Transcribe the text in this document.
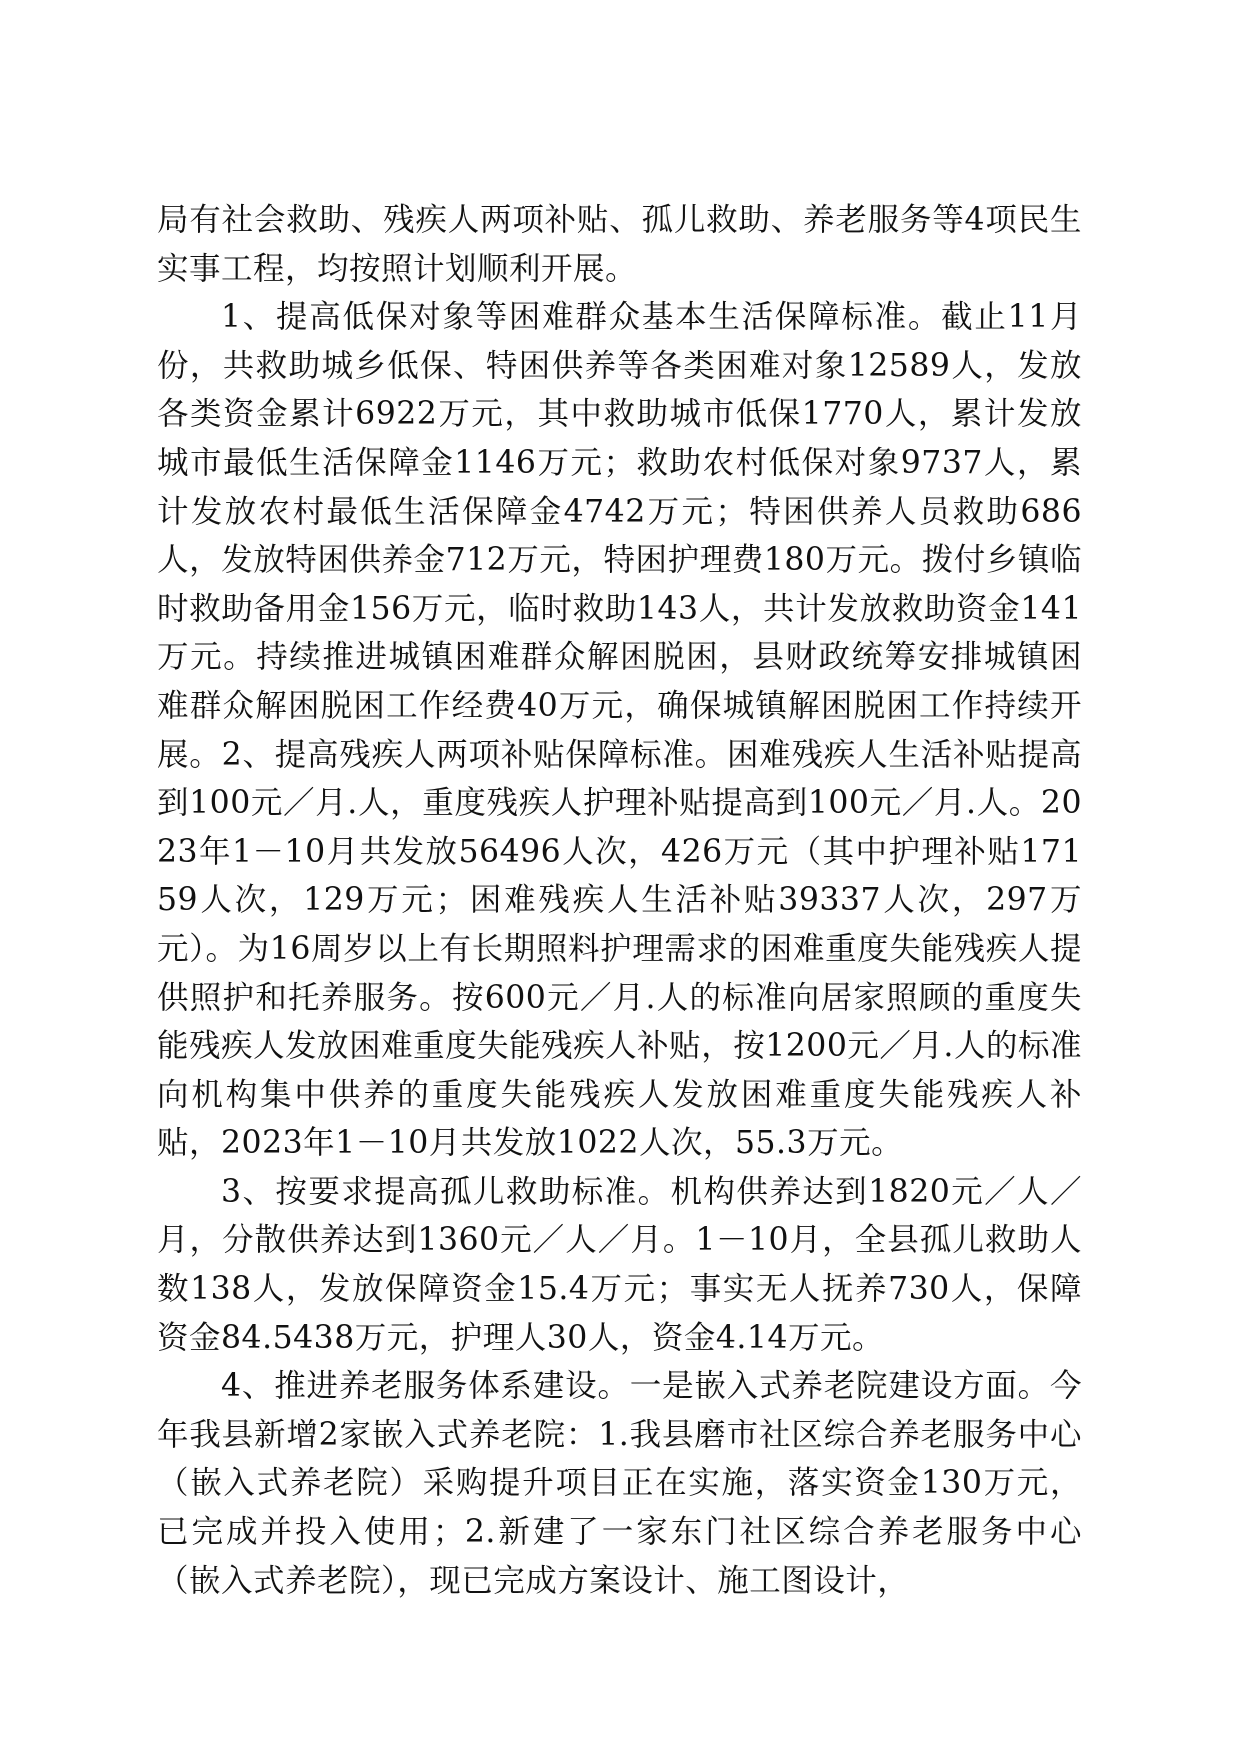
局有社会救助、残疾人两项补贴、孤儿救助、养老服务等4项民生实事工程，均按照计划顺利开展。

1、提高低保对象等困难群众基本生活保障标准。截止11月份，共救助城乡低保、特困供养等各类困难对象12589人，发放各类资金累计6922万元，其中救助城市低保1770人，累计发放城市最低生活保障金1146万元；救助农村低保对象9737人，累计发放农村最低生活保障金4742万元；特困供养人员救助686人，发放特困供养金712万元，特困护理费180万元。拨付乡镇临时救助备用金156万元，临时救助143人，共计发放救助资金141万元。持续推进城镇困难群众解困脱困，县财政统筹安排城镇困难群众解困脱困工作经费40万元，确保城镇解困脱困工作持续开展。2、提高残疾人两项补贴保障标准。困难残疾人生活补贴提高到100元／月.人，重度残疾人护理补贴提高到100元／月.人。2023年1－10月共发放56496人次，426万元（其中护理补贴17159人次，129万元；困难残疾人生活补贴39337人次，297万元）。为16周岁以上有长期照料护理需求的困难重度失能残疾人提供照护和托养服务。按600元／月.人的标准向居家照顾的重度失能残疾人发放困难重度失能残疾人补贴，按1200元／月.人的标准向机构集中供养的重度失能残疾人发放困难重度失能残疾人补贴，2023年1－10月共发放1022人次，55.3万元。

3、按要求提高孤儿救助标准。机构供养达到1820元／人／月，分散供养达到1360元／人／月。1－10月，全县孤儿救助人数138人，发放保障资金15.4万元；事实无人抚养730人，保障资金84.5438万元，护理人30人，资金4.14万元。

4、推进养老服务体系建设。一是嵌入式养老院建设方面。今年我县新增2家嵌入式养老院：1.我县磨市社区综合养老服务中心（嵌入式养老院）采购提升项目正在实施，落实资金130万元，已完成并投入使用；2.新建了一家东门社区综合养老服务中心（嵌入式养老院），现已完成方案设计、施工图设计，
